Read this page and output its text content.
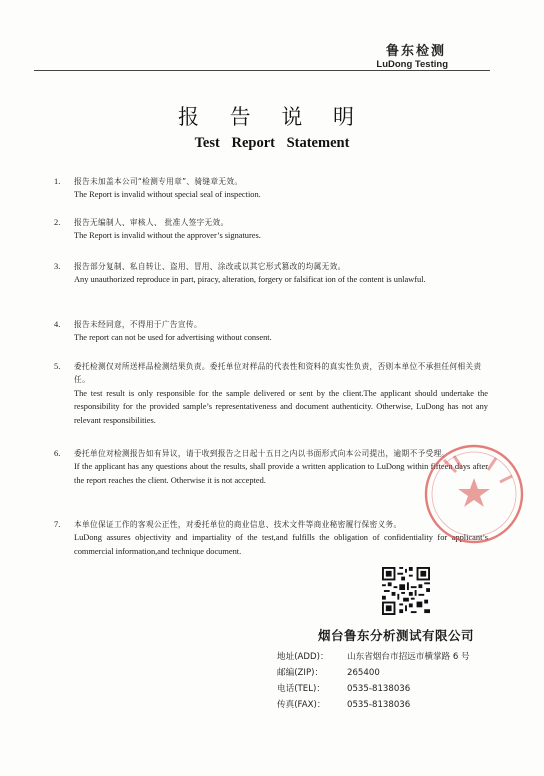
鲁东检测
LuDong Testing
报 告 说 明
Test Report Statement
1.	报告未加盖本公司“检测专用章”、骑缝章无效。
The Report is invalid without special seal of inspection.
2.	报告无编制人、审核人、 批准人签字无效。
The Report is invalid without the approver’s signatures.
3.	报告部分复制、私自转让、盗用、冒用、涂改或以其它形式篡改的均属无效。
Any unauthorized reproduce in part, piracy, alteration, forgery or falsificat ion of the content is unlawful.
4.	报告未经同意，不得用于广告宣传。
The report can not be used for advertising without consent.
5.	委托检测仅对所送样品检测结果负责。委托单位对样品的代表性和资料的真实性负责，否则本单位不承担任何相关责任。
The test result is only responsible for the sample delivered or sent by the client.The applicant should undertake the responsibility for the provided sample’s representativeness and document authenticity. Otherwise, LuDong has not any relevant responsibilities.
6.	委托单位对检测报告如有异议，请于收到报告之日起十五日之内以书面形式向本公司提出，逾期不予受理。
If the applicant has any questions about the results, shall provide a written application to LuDong within fifteen days after the report reaches the client. Otherwise it is not accepted.
7.	本单位保证工作的客观公正性，对委托单位的商业信息、技术文件等商业秘密履行保密义务。
LuDong assures objectivity and impartiality of the test,and fulfills the obligation of confidentiality for applicant’s commercial information,and technique document.
烟台鲁东分析测试有限公司
地址(ADD)： 山东省烟台市招远市横掌路 6 号
邮编(ZIP)：	265400
电话(TEL)：	0535-8138036
传真(FAX)：	0535-8138036
